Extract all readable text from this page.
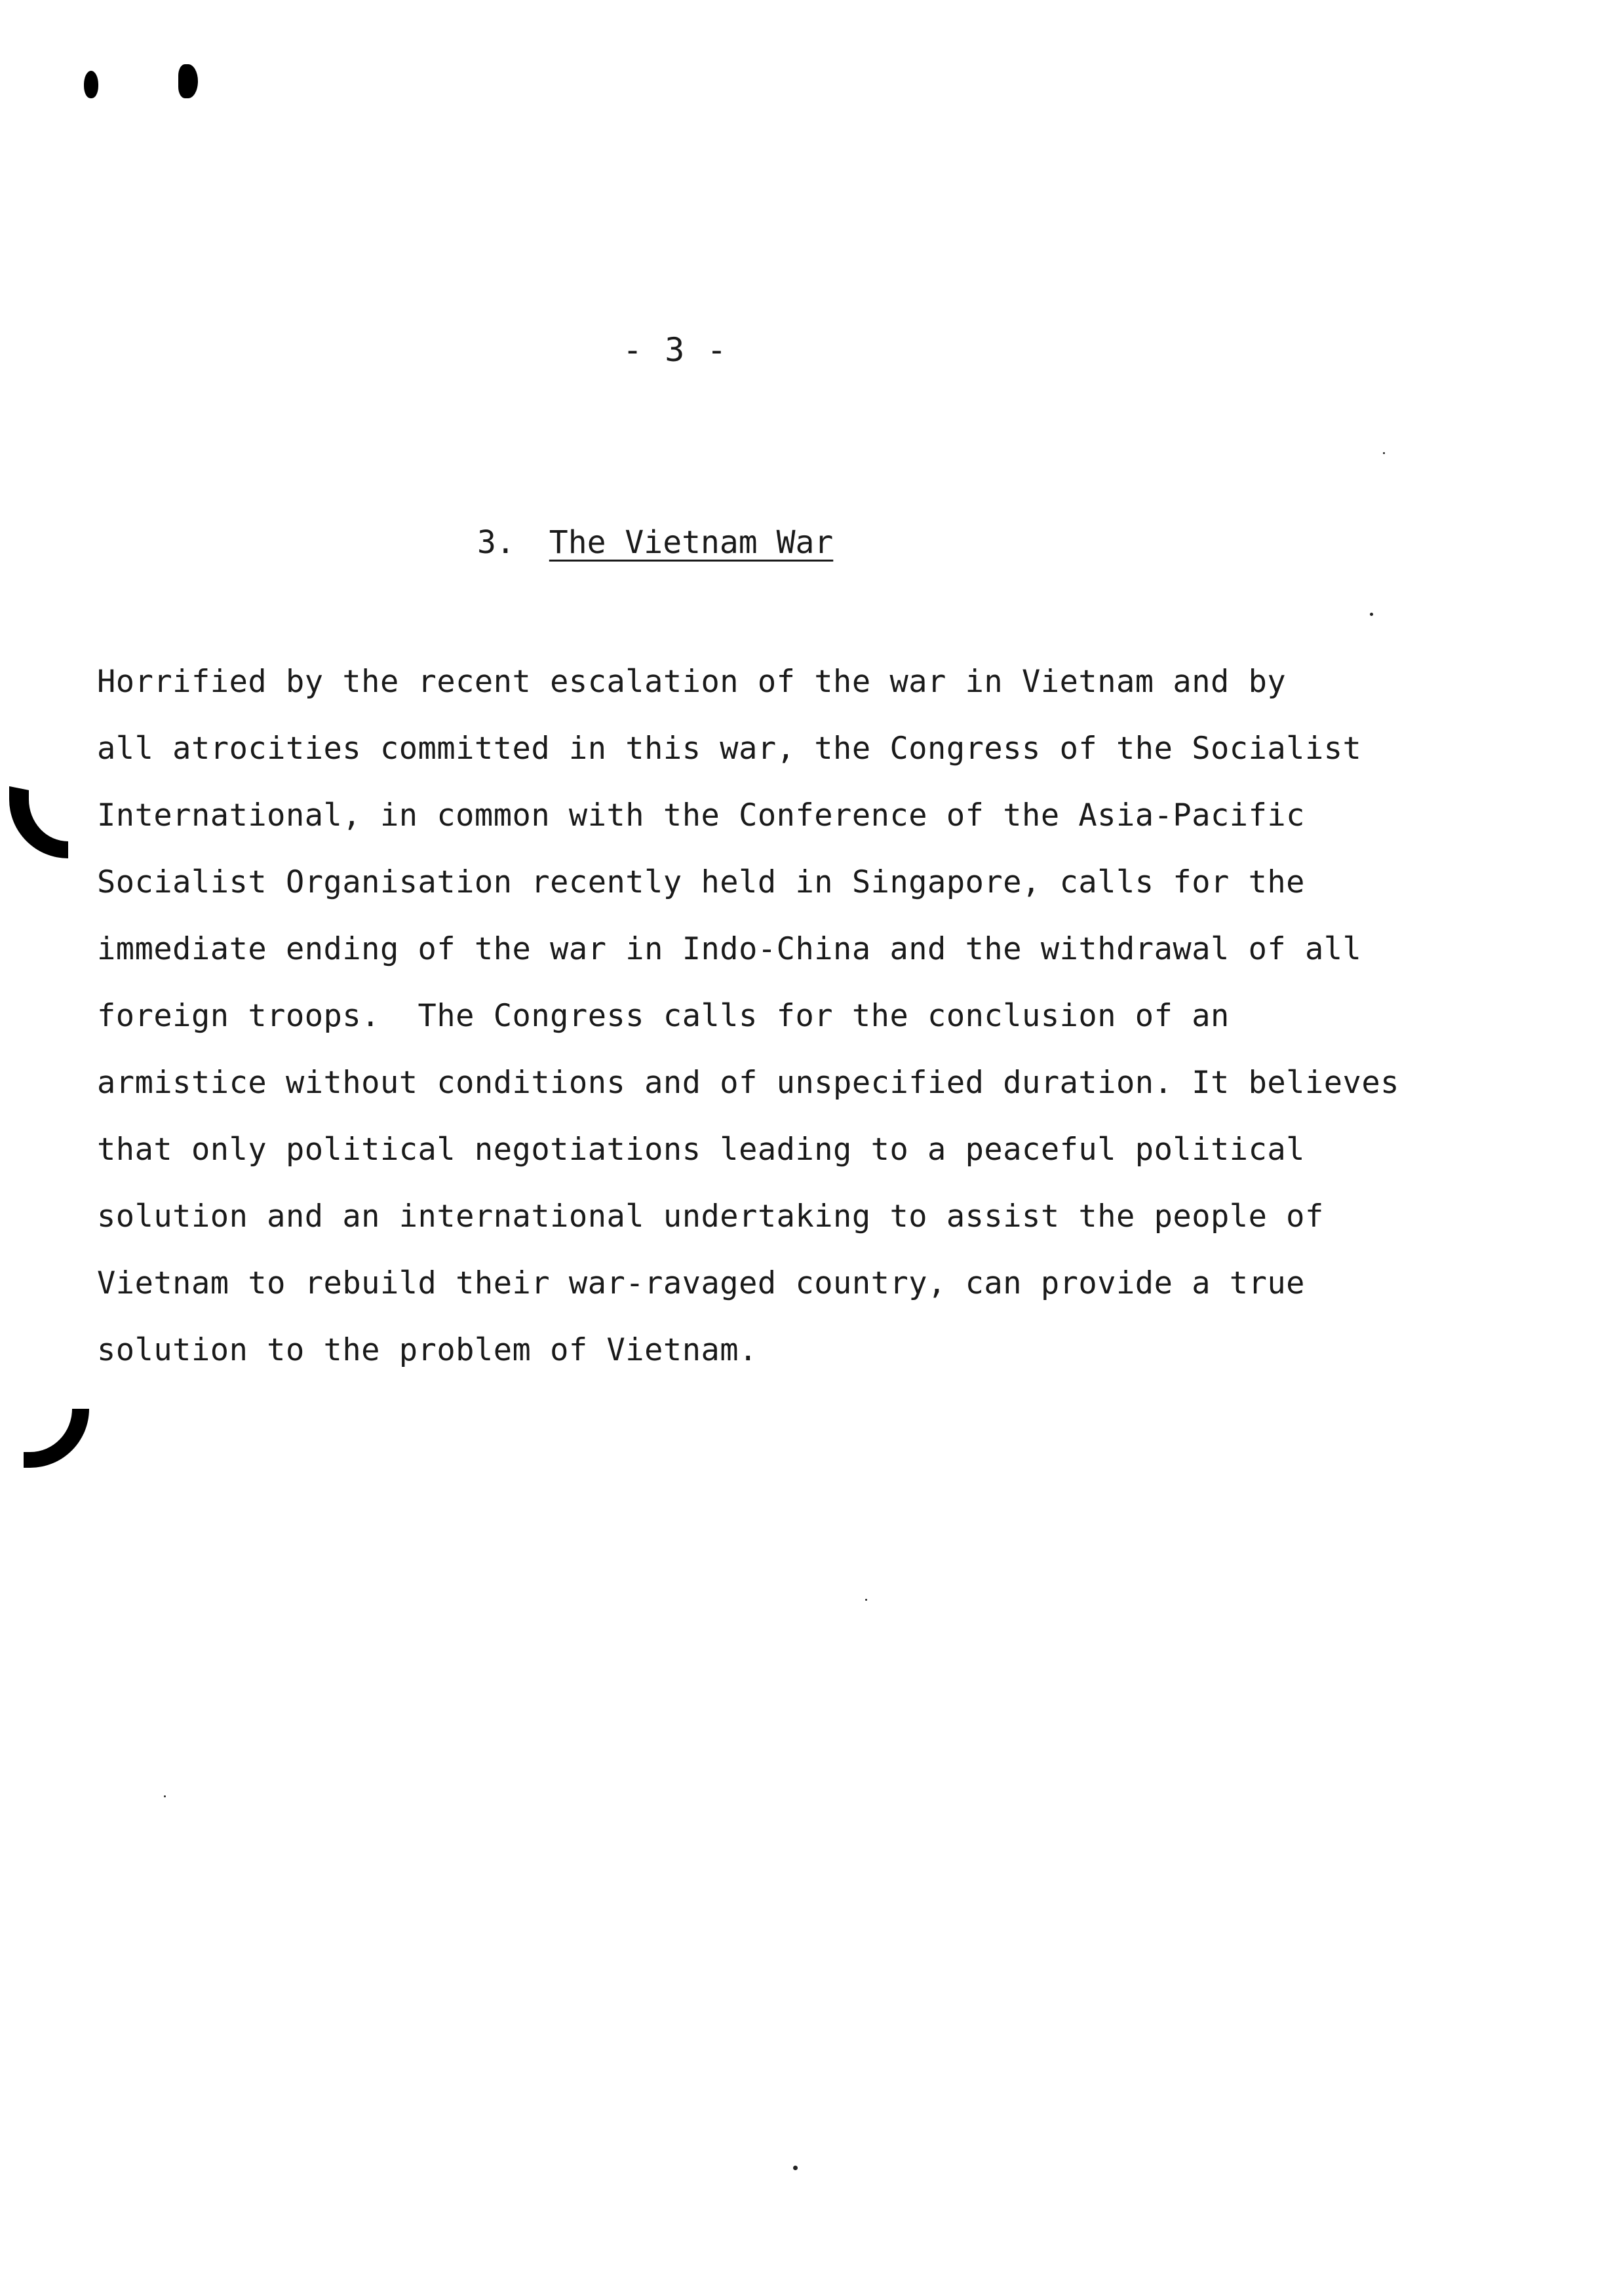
- 3 -
3. The Vietnam War
Horrified by the recent escalation of the war in Vietnam and by
all atrocities committed in this war, the Congress of the Socialist
International, in common with the Conference of the Asia-Pacific
Socialist Organisation recently held in Singapore, calls for the
immediate ending of the war in Indo-China and the withdrawal of all
foreign troops.  The Congress calls for the conclusion of an
armistice without conditions and of unspecified duration. It believes
that only political negotiations leading to a peaceful political
solution and an international undertaking to assist the people of
Vietnam to rebuild their war-ravaged country, can provide a true
solution to the problem of Vietnam.
